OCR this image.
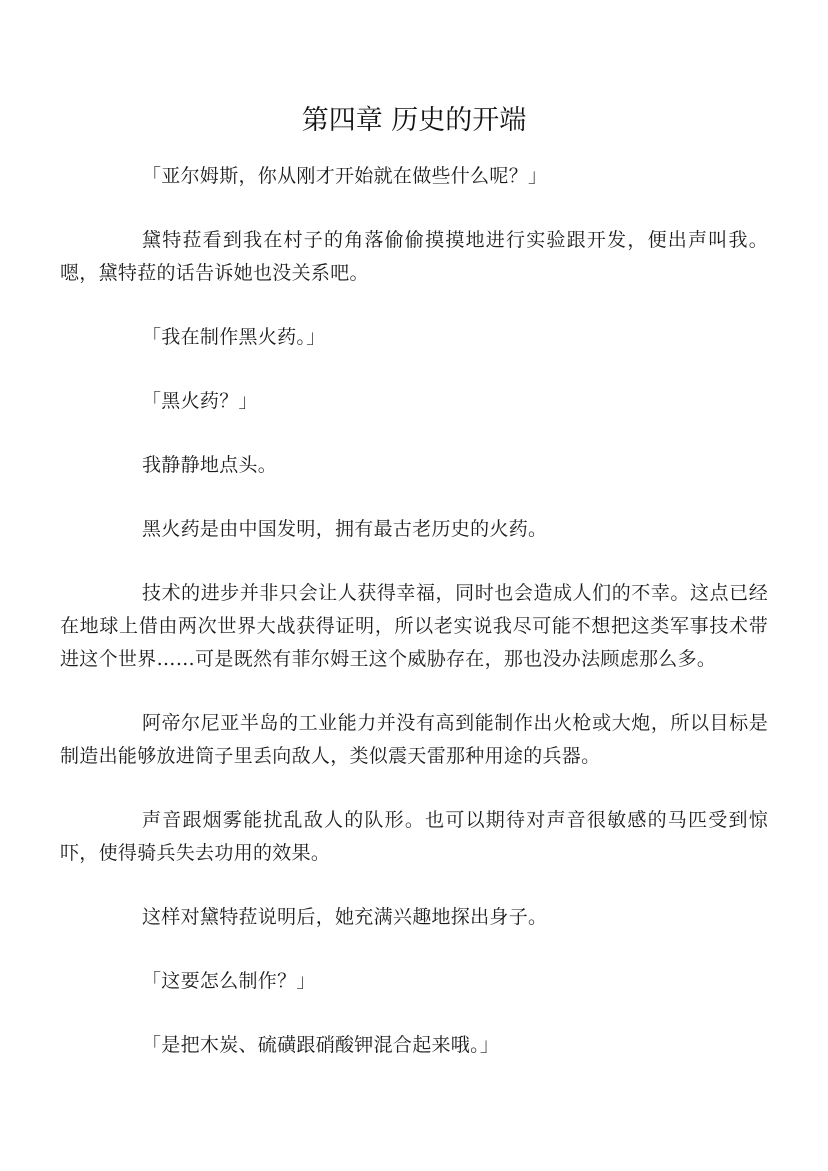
第四章 历史的开端

「亚尔姆斯，你从刚才开始就在做些什么呢？」

黛特菈看到我在村子的角落偷偷摸摸地进行实验跟开发，便出声叫我。嗯，黛特菈的话告诉她也没关系吧。

「我在制作黑火药。」

「黑火药？」

我静静地点头。

黑火药是由中国发明，拥有最古老历史的火药。

技术的进步并非只会让人获得幸福，同时也会造成人们的不幸。这点已经在地球上借由两次世界大战获得证明，所以老实说我尽可能不想把这类军事技术带进这个世界……可是既然有菲尔姆王这个威胁存在，那也没办法顾虑那么多。

阿帝尔尼亚半岛的工业能力并没有高到能制作出火枪或大炮，所以目标是制造出能够放进筒子里丢向敌人，类似震天雷那种用途的兵器。

声音跟烟雾能扰乱敌人的队形。也可以期待对声音很敏感的马匹受到惊吓，使得骑兵失去功用的效果。

这样对黛特菈说明后，她充满兴趣地探出身子。

「这要怎么制作？」

「是把木炭、硫磺跟硝酸钾混合起来哦。」
